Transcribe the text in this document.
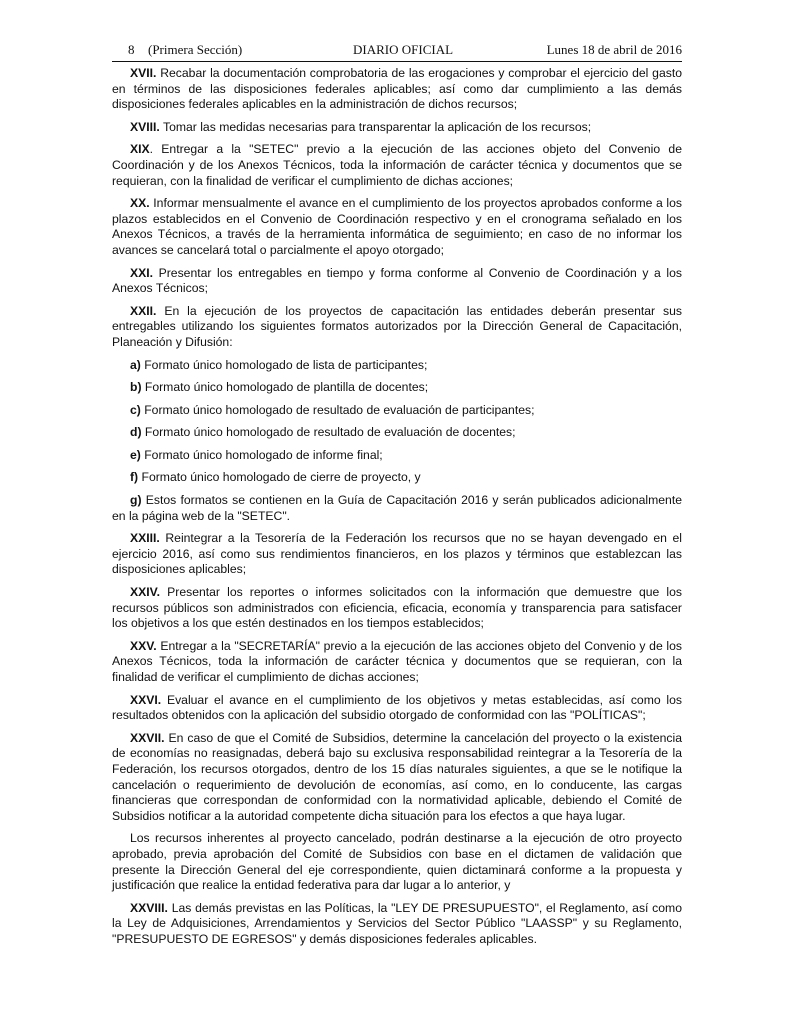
8 (Primera Sección)	DIARIO OFICIAL	Lunes 18 de abril de 2016

XVII. Recabar la documentación comprobatoria de las erogaciones y comprobar el ejercicio del gasto en términos de las disposiciones federales aplicables; así como dar cumplimiento a las demás disposiciones federales aplicables en la administración de dichos recursos;

XVIII. Tomar las medidas necesarias para transparentar la aplicación de los recursos;

XIX. Entregar a la "SETEC" previo a la ejecución de las acciones objeto del Convenio de Coordinación y de los Anexos Técnicos, toda la información de carácter técnica y documentos que se requieran, con la finalidad de verificar el cumplimiento de dichas acciones;

XX. Informar mensualmente el avance en el cumplimiento de los proyectos aprobados conforme a los plazos establecidos en el Convenio de Coordinación respectivo y en el cronograma señalado en los Anexos Técnicos, a través de la herramienta informática de seguimiento; en caso de no informar los avances se cancelará total o parcialmente el apoyo otorgado;

XXI. Presentar los entregables en tiempo y forma conforme al Convenio de Coordinación y a los Anexos Técnicos;

XXII. En la ejecución de los proyectos de capacitación las entidades deberán presentar sus entregables utilizando los siguientes formatos autorizados por la Dirección General de Capacitación, Planeación y Difusión:

a) Formato único homologado de lista de participantes;

b) Formato único homologado de plantilla de docentes;

c) Formato único homologado de resultado de evaluación de participantes;

d) Formato único homologado de resultado de evaluación de docentes;

e) Formato único homologado de informe final;

f) Formato único homologado de cierre de proyecto, y

g) Estos formatos se contienen en la Guía de Capacitación 2016 y serán publicados adicionalmente en la página web de la "SETEC".

XXIII. Reintegrar a la Tesorería de la Federación los recursos que no se hayan devengado en el ejercicio 2016, así como sus rendimientos financieros, en los plazos y términos que establezcan las disposiciones aplicables;

XXIV. Presentar los reportes o informes solicitados con la información que demuestre que los recursos públicos son administrados con eficiencia, eficacia, economía y transparencia para satisfacer los objetivos a los que estén destinados en los tiempos establecidos;

XXV. Entregar a la "SECRETARÍA" previo a la ejecución de las acciones objeto del Convenio y de los Anexos Técnicos, toda la información de carácter técnica y documentos que se requieran, con la finalidad de verificar el cumplimiento de dichas acciones;

XXVI. Evaluar el avance en el cumplimiento de los objetivos y metas establecidas, así como los resultados obtenidos con la aplicación del subsidio otorgado de conformidad con las "POLÍTICAS";

XXVII. En caso de que el Comité de Subsidios, determine la cancelación del proyecto o la existencia de economías no reasignadas, deberá bajo su exclusiva responsabilidad reintegrar a la Tesorería de la Federación, los recursos otorgados, dentro de los 15 días naturales siguientes, a que se le notifique la cancelación o requerimiento de devolución de economías, así como, en lo conducente, las cargas financieras que correspondan de conformidad con la normatividad aplicable, debiendo el Comité de Subsidios notificar a la autoridad competente dicha situación para los efectos a que haya lugar.

Los recursos inherentes al proyecto cancelado, podrán destinarse a la ejecución de otro proyecto aprobado, previa aprobación del Comité de Subsidios con base en el dictamen de validación que presente la Dirección General del eje correspondiente, quien dictaminará conforme a la propuesta y justificación que realice la entidad federativa para dar lugar a lo anterior, y

XXVIII. Las demás previstas en las Políticas, la "LEY DE PRESUPUESTO", el Reglamento, así como la Ley de Adquisiciones, Arrendamientos y Servicios del Sector Público "LAASSP" y su Reglamento, "PRESUPUESTO DE EGRESOS" y demás disposiciones federales aplicables.
